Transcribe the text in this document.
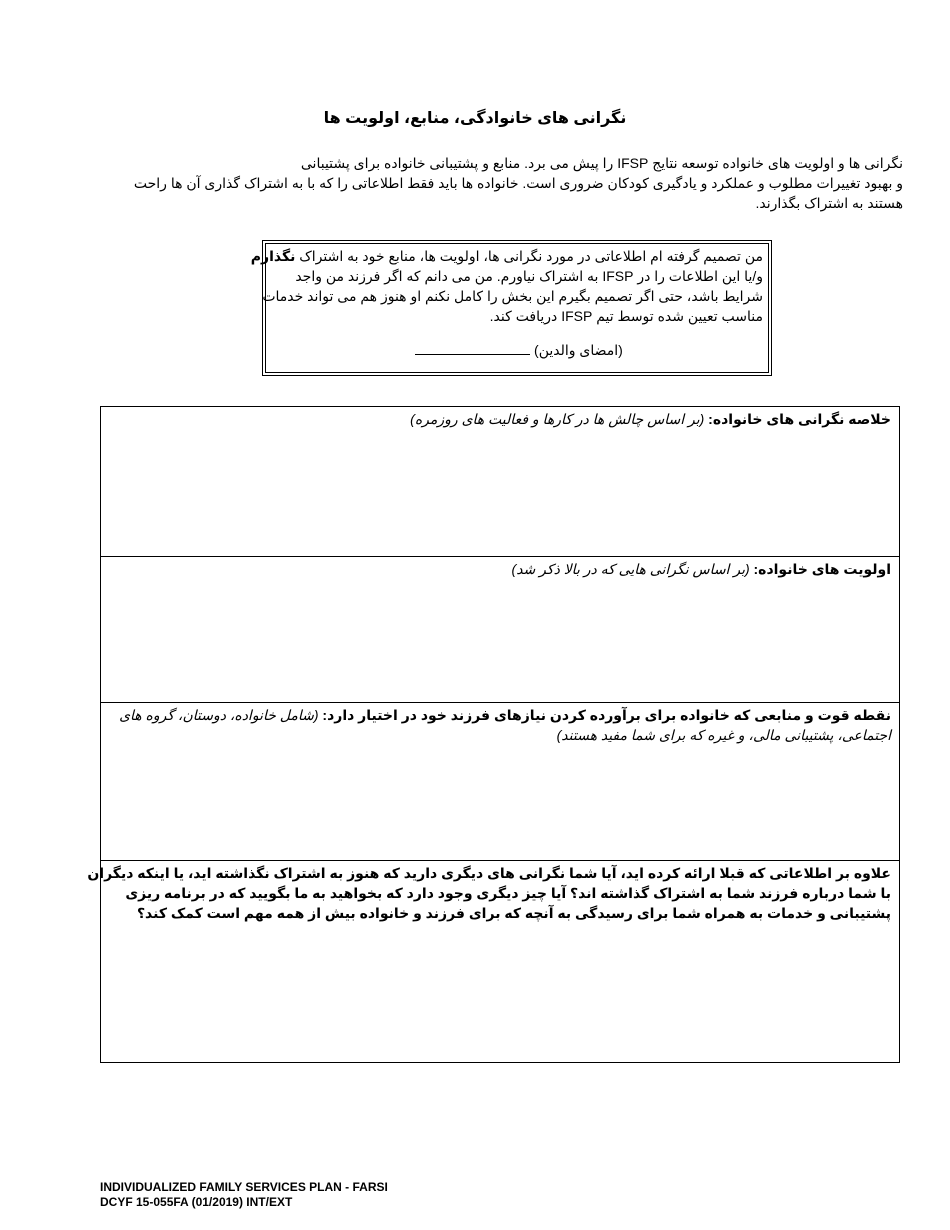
نگرانی های خانوادگی، منابع، اولویت ها
نگرانی ها و اولویت های خانواده توسعه نتایج IFSP را پیش می برد. منابع و پشتیبانی خانواده برای پشتیبانی
و بهبود تغییرات مطلوب و عملکرد و یادگیری کودکان ضروری است. خانواده ها باید فقط اطلاعاتی را که با به اشتراک گذاری آن ها راحت
هستند به اشتراک بگذارند.
من تصمیم گرفته ام اطلاعاتی در مورد نگرانی ها، اولویت ها، منابع خود به اشتراک نگذارم
و/یا این اطلاعات را در IFSP به اشتراک نیاورم. من می دانم که اگر فرزند من واجد
شرایط باشد، حتی اگر تصمیم بگیرم این بخش را کامل نکنم او هنوز هم می تواند خدمات
مناسب تعیین شده توسط تیم IFSP دریافت کند.
(امضای والدین)
خلاصه نگرانی های خانواده: (بر اساس چالش ها در کارها و فعالیت های روزمره)
اولویت های خانواده: (بر اساس نگرانی هایی که در بالا ذکر شد)
نقطه قوت و منابعی که خانواده برای برآورده کردن نیازهای فرزند خود در اختیار دارد: (شامل خانواده، دوستان، گروه های اجتماعی، پشتیبانی مالی، و غیره که برای شما مفید هستند)
علاوه بر اطلاعاتی که قبلا ارائه کرده اید، آیا شما نگرانی های دیگری دارید که هنوز به اشتراک نگذاشته اید، یا اینکه دیگران
با شما درباره فرزند شما به اشتراک گذاشته اند؟ آیا چیز دیگری وجود دارد که بخواهید به ما بگویید که در برنامه ریزی
پشتیبانی و خدمات به همراه شما برای رسیدگی به آنچه که برای فرزند و خانواده بیش از همه مهم است کمک کند؟
INDIVIDUALIZED FAMILY SERVICES PLAN - FARSI
DCYF 15-055FA (01/2019) INT/EXT
